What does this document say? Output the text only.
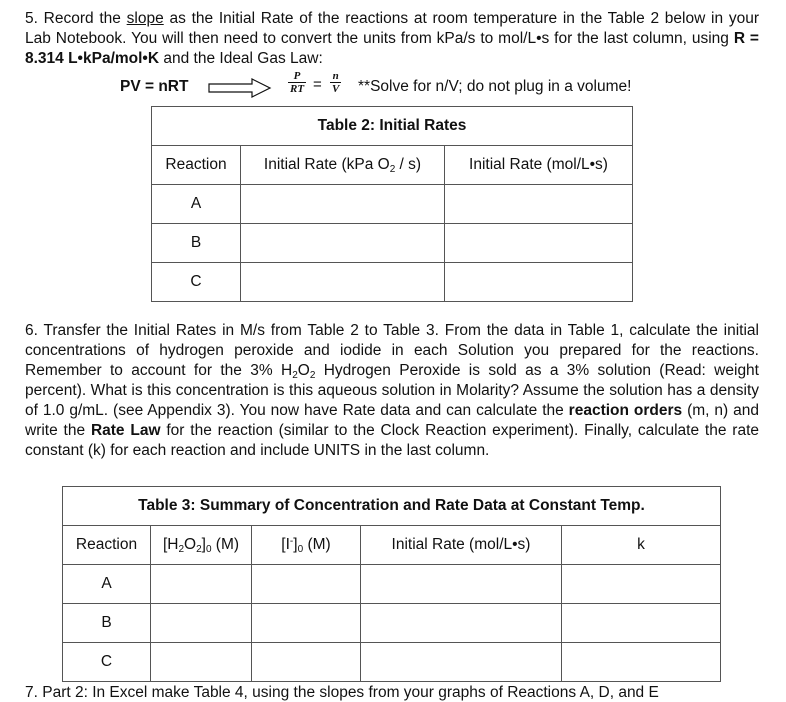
5. Record the slope as the Initial Rate of the reactions at room temperature in the Table 2 below in your Lab Notebook. You will then need to convert the units from kPa/s to mol/L•s for the last column, using R = 8.314 L•kPa/mol•K and the Ideal Gas Law:
PV = nRT	$\frac{P}{RT} = \frac{n}{V}$ **Solve for n/V; do not plug in a volume!
Table 2: Initial Rates		
Reaction	Initial Rate (kPa $O_2 / s$)	Initial Rate (mol/L•s)
A		
B		
C		
6. Transfer the Initial Rates in M/s from Table 2 to Table 3. From the data in Table 1, calculate the initial concentrations of hydrogen peroxide and iodide in each Solution you prepared for the reactions. Remember to account for the 3% $H_2O_2$ Hydrogen Peroxide is sold as a 3% solution (Read: weight percent). What is this concentration is this aqueous solution in Molarity? Assume the solution has a density of 1.0 g/mL. (see Appendix 3). You now have Rate data and can calculate the reaction orders (m, n) and write the Rate Law for the reaction (similar to the Clock Reaction experiment). Finally, calculate the rate constant (k) for each reaction and include UNITS in the last column.
Table 3: Summary of Concentration and Rate Data at Constant Temp.				
Reaction	$[H_2O_2]_0$ (M)	$[I^-]_0$ (M)	Initial Rate (mol/L•s)	k
A				
B				
C				
7. Part 2: In Excel make Table 4, using the slopes from your graphs of Reactions A, D, and E
